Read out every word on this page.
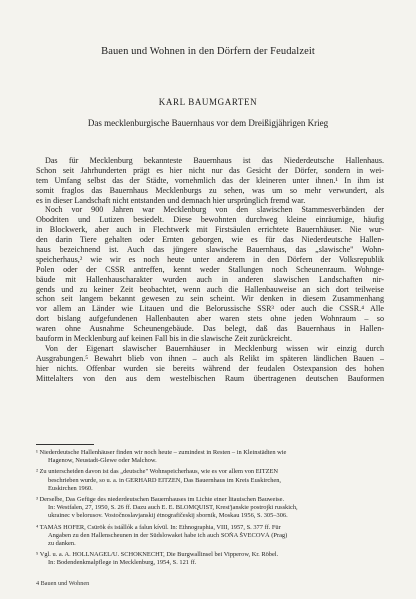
Bauen und Wohnen in den Dörfern der Feudalzeit
KARL BAUMGARTEN
Das mecklenburgische Bauernhaus vor dem Dreißigjährigen Krieg
Das für Mecklenburg bekannteste Bauernhaus ist das Niederdeutsche Hallenhaus.
Schon seit Jahrhunderten prägt es hier nicht nur das Gesicht der Dörfer, sondern in wei-
tem Umfang selbst das der Städte, vornehmlich das der kleineren unter ihnen.¹ In ihm ist
somit fraglos das Bauernhaus Mecklenburgs zu sehen, was um so mehr verwundert, als
es in dieser Landschaft nicht entstanden und demnach hier ursprünglich fremd war.
Noch vor 900 Jahren war Mecklenburg von den slawischen Stammesverbänden der
Obodriten und Lutizen besiedelt. Diese bewohnten durchweg kleine einräumige, häufig
in Blockwerk, aber auch in Flechtwerk mit Firstsäulen errichtete Bauernhäuser. Nie wur-
den darin Tiere gehalten oder Ernten geborgen, wie es für das Niederdeutsche Hallen-
haus bezeichnend ist. Auch das jüngere slawische Bauernhaus, das „slawische" Wohn-
speicherhaus,² wie wir es noch heute unter anderem in den Dörfern der Volksrepublik
Polen oder der CSSR antreffen, kennt weder Stallungen noch Scheunenraum. Wohnge-
bäude mit Hallenhauscharakter wurden auch in anderen slawischen Landschaften nir-
gends und zu keiner Zeit beobachtet, wenn auch die Hallenbauweise an sich dort teilweise
schon seit langem bekannt gewesen zu sein scheint. Wir denken in diesem Zusammenhang
vor allem an Länder wie Litauen und die Belorussische SSR³ oder auch die CSSR.⁴ Alle
dort bislang aufgefundenen Hallenbauten aber waren stets ohne jeden Wohnraum – so
waren ohne Ausnahme Scheunengebäude. Das belegt, daß das Bauernhaus in Hallen-
bauform in Mecklenburg auf keinen Fall bis in die slawische Zeit zurückreicht.
Von der Eigenart slawischer Bauernhäuser in Mecklenburg wissen wir einzig durch
Ausgrabungen.⁵ Bewahrt blieb von ihnen – auch als Relikt im späteren ländlichen Bauen –
hier nichts. Offenbar wurden sie bereits während der feudalen Ostexpansion des hohen
Mittelalters von den aus dem westelbischen Raum übertragenen deutschen Bauformen
¹ Niederdeutsche Hallenhäuser finden wir noch heute – zumindest in Resten – in Kleinstädten wie
Hagenow, Neustadt-Glewe oder Malchow.
² Zu unterscheiden davon ist das „deutsche" Wohnspeicherhaus, wie es vor allem von EITZEN
beschrieben wurde, so u. a. in GERHARD EITZEN, Das Bauernhaus im Kreis Euskirchen,
Euskirchen 1960.
³ Derselbe, Das Gefüge des niederdeutschen Bauernhauses im Lichte einer litauischen Bauweise.
In: Westfalen, 27, 1950, S. 26 ff. Dazu auch E. E. BLOMQUIST, Krest'janskie postrojki russkich,
ukrainec v belorusov. Vostočnoslavjanskij ėtnografičeskij sbornik, Moskau 1956, S. 305–306.
⁴ TAMÁS HOFER, Csürök és istállók a falun kívül. In: Ethnographia, VIII, 1957, S. 377 ff. Für
Angaben zu den Hallenscheunen in der Südslowakei habe ich auch SOŇA ŠVECOVÁ (Prag)
zu danken.
⁵ Vgl. u. a. A. HOLLNAGEL/U. SCHOKNECHT, Die Burgwallinsel bei Vipperow, Kr. Röbel.
In: Bodendenkmalpflege in Mecklenburg, 1954, S. 121 ff.
4 Bauen und Wohnen
